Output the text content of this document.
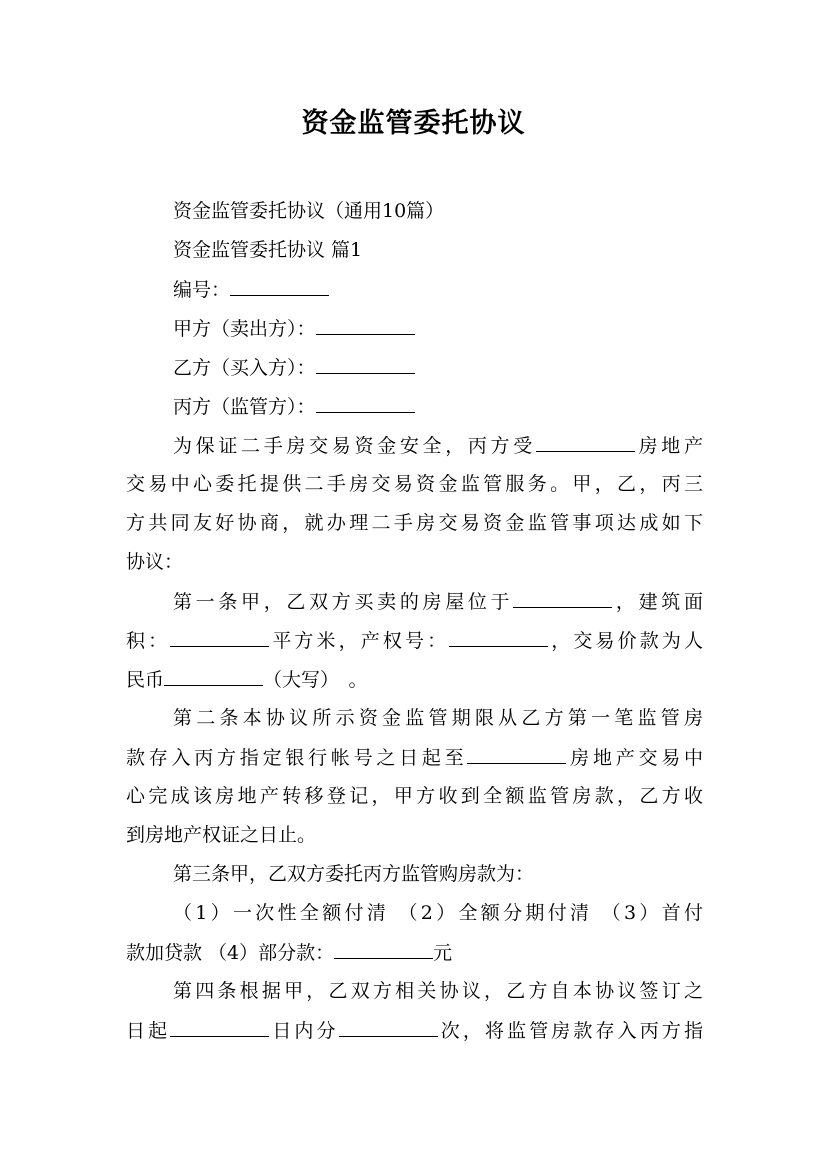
资金监管委托协议
资金监管委托协议（通用10篇）
资金监管委托协议 篇1
编号：
甲方（卖出方）：
乙方（买入方）：
丙方（监管方）：
为保证二手房交易资金安全，丙方受	房地产
交易中心委托提供二手房交易资金监管服务。甲，乙，丙三
方共同友好协商，就办理二手房交易资金监管事项达成如下
协议：
第一条甲，乙双方买卖的房屋位于	，建筑面
积：	平方米，产权号：	，交易价款为人
民币	（大写）　。
第二条本协议所示资金监管期限从乙方第一笔监管房
款存入丙方指定银行帐号之日起至	房地产交易中
心完成该房地产转移登记，甲方收到全额监管房款，乙方收
到房地产权证之日止。
第三条甲，乙双方委托丙方监管购房款为：
（1）一次性全额付清 （2）全额分期付清 （3）首付
款加贷款 （4）部分款：	元
第四条根据甲，乙双方相关协议，乙方自本协议签订之
日起	日内分	次，将监管房款存入丙方指
